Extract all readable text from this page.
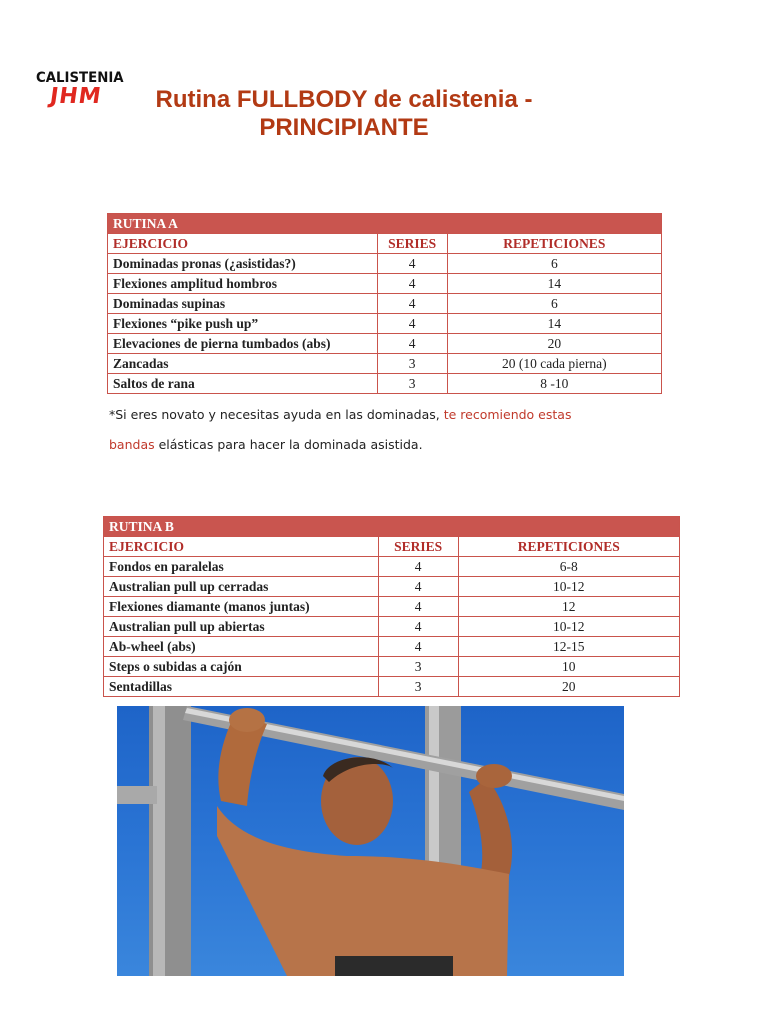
CALISTENIA
JHM	Rutina FULLBODY de calistenia - PRINCIPIANTE
RUTINA A		
EJERCICIO	SERIES	REPETICIONES
Dominadas pronas (¿asistidas?)	4	6
Flexiones amplitud hombros	4	14
Dominadas supinas	4	6
Flexiones “pike push up”	4	14
Elevaciones de pierna tumbados (abs)	4	20
Zancadas	3	20 (10 cada pierna)
Saltos de rana	3	8 -10
*Si eres novato y necesitas ayuda en las dominadas, te recomiendo estas
bandas elásticas para hacer la dominada asistida.
RUTINA B		
EJERCICIO	SERIES	REPETICIONES
Fondos en paralelas	4	6-8
Australian pull up cerradas	4	10-12
Flexiones diamante (manos juntas)	4	12
Australian pull up abiertas	4	10-12
Ab-wheel (abs)	4	12-15
Steps o subidas a cajón	3	10
Sentadillas	3	20
